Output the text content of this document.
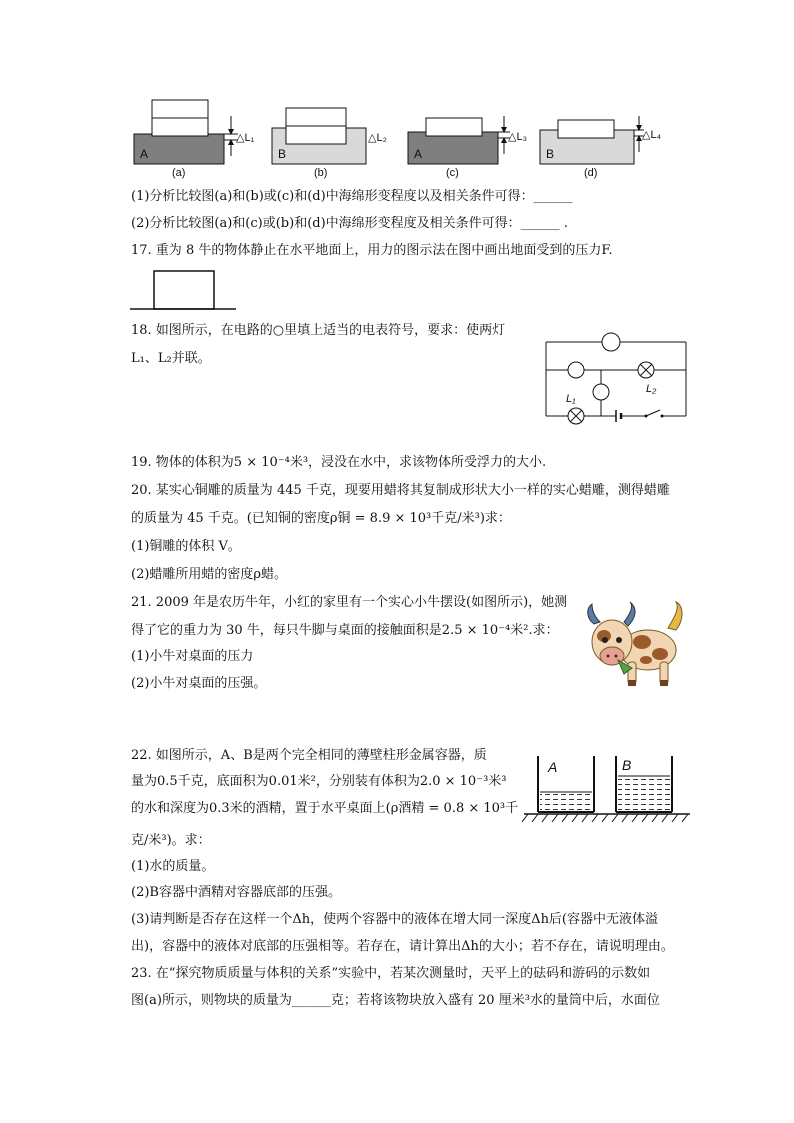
A
△L₁
(a)
B
△L₂
(b)
A
△L₃
(c)
B
△L₄
(d)
(1)分析比较图(a)和(b)或(c)和(d)中海绵形变程度以及相关条件可得：______
(2)分析比较图(a)和(c)或(b)和(d)中海绵形变程度及相关条件可得：______ .
17. 重为 8 牛的物体静止在水平地面上，用力的图示法在图中画出地面受到的压力F.
18. 如图所示，在电路的○里填上适当的电表符号，要求：使两灯
L₁、L₂并联。
L₂
L₁
19. 物体的体积为5 × 10⁻⁴米³，浸没在水中，求该物体所受浮力的大小.
20. 某实心铜雕的质量为 445 千克，现要用蜡将其复制成形状大小一样的实心蜡雕，测得蜡雕
的质量为 45 千克。(已知铜的密度ρ铜 = 8.9 × 10³千克/米³)求：
(1)铜雕的体积 V。
(2)蜡雕所用蜡的密度ρ蜡。
21. 2009 年是农历牛年，小红的家里有一个实心小牛摆设(如图所示)，她测
得了它的重力为 30 牛，每只牛脚与桌面的接触面积是2.5 × 10⁻⁴米².求：
(1)小牛对桌面的压力
(2)小牛对桌面的压强。
22. 如图所示，A、B是两个完全相同的薄壁柱形金属容器，质
量为0.5千克，底面积为0.01米²，分别装有体积为2.0 × 10⁻³米³
的水和深度为0.3米的酒精，置于水平桌面上(ρ酒精 = 0.8 × 10³千
克/米³)。求：
(1)水的质量。
(2)B容器中酒精对容器底部的压强。
(3)请判断是否存在这样一个Δh，使两个容器中的液体在增大同一深度Δh后(容器中无液体溢
出)，容器中的液体对底部的压强相等。若存在，请计算出Δh的大小；若不存在，请说明理由。
A	B
23. 在“探究物质质量与体积的关系”实验中，若某次测量时，天平上的砝码和游码的示数如
图(a)所示，则物块的质量为______克；若将该物块放入盛有 20 厘米³水的量筒中后，水面位
